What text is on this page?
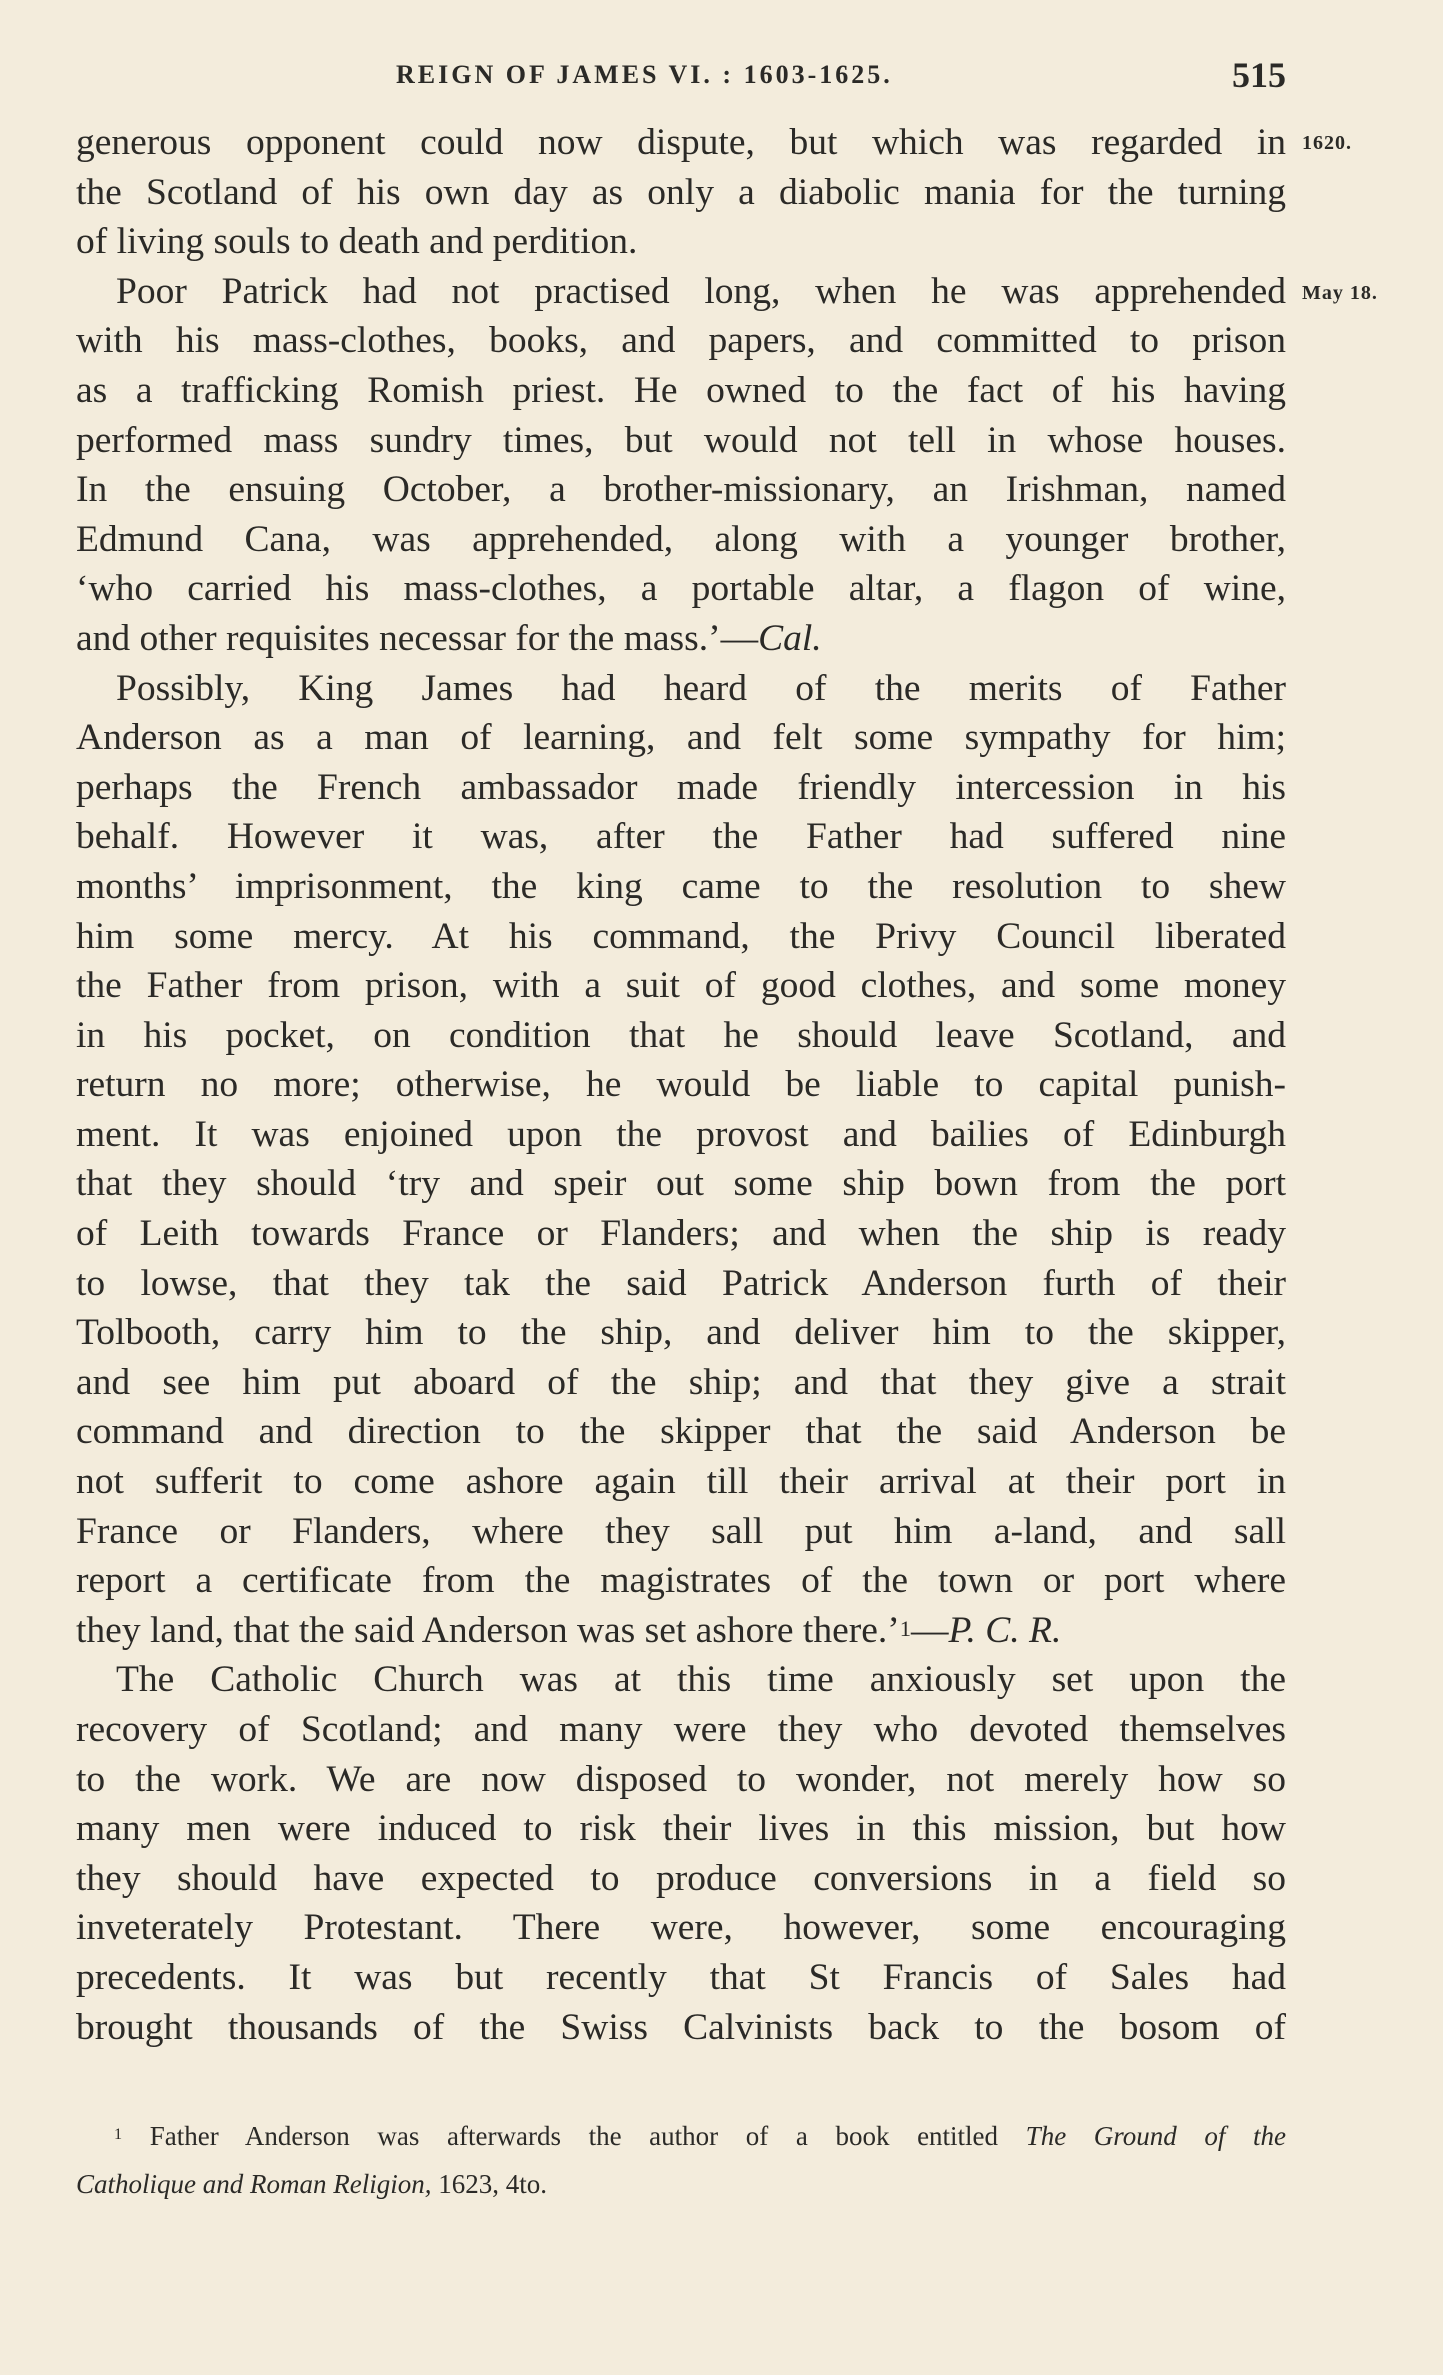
REIGN OF JAMES VI. : 1603-1625.	515
1620.
May 18.

generous opponent could now dispute, but which was regarded in

the Scotland of his own day as only a diabolic mania for the turning

of living souls to death and perdition.

Poor Patrick had not practised long, when he was apprehended

with his mass-clothes, books, and papers, and committed to prison

as a trafficking Romish priest. He owned to the fact of his having

performed mass sundry times, but would not tell in whose houses.

In the ensuing October, a brother-missionary, an Irishman, named

Edmund Cana, was apprehended, along with a younger brother,

‘who carried his mass-clothes, a portable altar, a flagon of wine,

and other requisites necessar for the mass.’—Cal.

Possibly, King James had heard of the merits of Father

Anderson as a man of learning, and felt some sympathy for him;

perhaps the French ambassador made friendly intercession in his

behalf. However it was, after the Father had suffered nine

months’ imprisonment, the king came to the resolution to shew

him some mercy. At his command, the Privy Council liberated

the Father from prison, with a suit of good clothes, and some money

in his pocket, on condition that he should leave Scotland, and

return no more; otherwise, he would be liable to capital punish-

ment. It was enjoined upon the provost and bailies of Edinburgh

that they should ‘try and speir out some ship bown from the port

of Leith towards France or Flanders; and when the ship is ready

to lowse, that they tak the said Patrick Anderson furth of their

Tolbooth, carry him to the ship, and deliver him to the skipper,

and see him put aboard of the ship; and that they give a strait

command and direction to the skipper that the said Anderson be

not sufferit to come ashore again till their arrival at their port in

France or Flanders, where they sall put him a-land, and sall

report a certificate from the magistrates of the town or port where

they land, that the said Anderson was set ashore there.’$^1$—P. C. R.

The Catholic Church was at this time anxiously set upon the

recovery of Scotland; and many were they who devoted themselves

to the work. We are now disposed to wonder, not merely how so

many men were induced to risk their lives in this mission, but how

they should have expected to produce conversions in a field so

inveterately Protestant. There were, however, some encouraging

precedents. It was but recently that St Francis of Sales had

brought thousands of the Swiss Calvinists back to the bosom of

$^1$ Father Anderson was afterwards the author of a book entitled The Ground of the

Catholique and Roman Religion, 1623, 4to.
